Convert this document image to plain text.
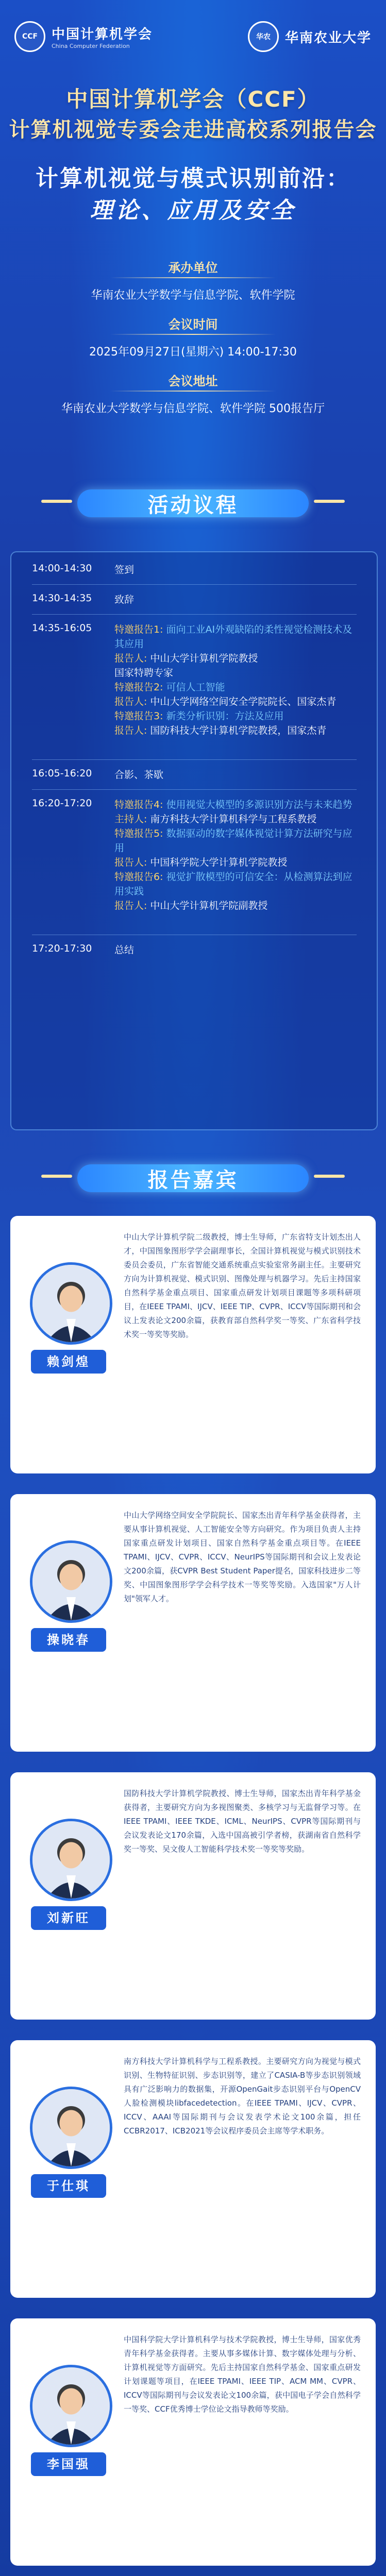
CCF	中国计算机学会
China Computer Federation
华农	华南农业大学
中国计算机学会（CCF）
计算机视觉专委会走进高校系列报告会
计算机视觉与模式识别前沿：
理论、应用及安全
承办单位
华南农业大学数学与信息学院、软件学院
会议时间
2025年09月27日(星期六) 14:00-17:30
会议地址
华南农业大学数学与信息学院、软件学院 500报告厅
活动议程
14:00-14:30 签到
14:30-14:35 致辞
14:35-16:05 特邀报告1: 面向工业AI外观缺陷的柔性视觉检测技术及其应用
报告人: 中山大学计算机学院教授
国家特聘专家
特邀报告2: 可信人工智能
报告人: 中山大学网络空间安全学院院长、国家杰青
特邀报告3: 新类分析识别：方法及应用
报告人: 国防科技大学计算机学院教授，国家杰青
16:05-16:20 合影、茶歇
16:20-17:20 特邀报告4: 使用视觉大模型的多源识别方法与未来趋势
主持人: 南方科技大学计算机科学与工程系教授
特邀报告5: 数据驱动的数字媒体视觉计算方法研究与应用
报告人: 中国科学院大学计算机学院教授
特邀报告6: 视觉扩散模型的可信安全：从检测算法到应用实践
报告人: 中山大学计算机学院副教授
17:20-17:30 总结
报告嘉宾
赖剑煌
中山大学计算机学院二级教授，博士生导师，广东省特支计划杰出人才，中国图象图形学学会副理事长，全国计算机视觉与模式识别技术委员会委员，广东省智能交通系统重点实验室常务副主任。主要研究方向为计算机视觉、模式识别、图像处理与机器学习。先后主持国家自然科学基金重点项目、国家重点研发计划项目课题等多项科研项目，在IEEE TPAMI、IJCV、IEEE TIP、CVPR、ICCV等国际期刊和会议上发表论文200余篇，获教育部自然科学奖一等奖、广东省科学技术奖一等奖等奖励。
操晓春
中山大学网络空间安全学院院长、国家杰出青年科学基金获得者，主要从事计算机视觉、人工智能安全等方向研究。作为项目负责人主持国家重点研发计划项目、国家自然科学基金重点项目等。在IEEE TPAMI、IJCV、CVPR、ICCV、NeurIPS等国际期刊和会议上发表论文200余篇，获CVPR Best Student Paper提名，国家科技进步二等奖、中国图象图形学学会科学技术一等奖等奖励。入选国家"万人计划"领军人才。
刘新旺
国防科技大学计算机学院教授、博士生导师，国家杰出青年科学基金获得者，主要研究方向为多视图聚类、多核学习与无监督学习等。在IEEE TPAMI、IEEE TKDE、ICML、NeurIPS、CVPR等国际期刊与会议发表论文170余篇，入选中国高被引学者榜，获湖南省自然科学奖一等奖、吴文俊人工智能科学技术奖一等奖等奖励。
于仕琪
南方科技大学计算机科学与工程系教授。主要研究方向为视觉与模式识别、生物特征识别、步态识别等，建立了CASIA-B等步态识别领域具有广泛影响力的数据集，开源OpenGait步态识别平台与OpenCV人脸检测模块libfacedetection。在IEEE TPAMI、IJCV、CVPR、ICCV、AAAI等国际期刊与会议发表学术论文100余篇，担任CCBR2017、ICB2021等会议程序委员会主席等学术职务。
李国强
中国科学院大学计算机科学与技术学院教授，博士生导师，国家优秀青年科学基金获得者。主要从事多媒体计算、数字媒体处理与分析、计算机视觉等方面研究。先后主持国家自然科学基金、国家重点研发计划课题等项目，在IEEE TPAMI、IEEE TIP、ACM MM、CVPR、ICCV等国际期刊与会议发表论文100余篇，获中国电子学会自然科学一等奖、CCF优秀博士学位论文指导教师等奖励。
